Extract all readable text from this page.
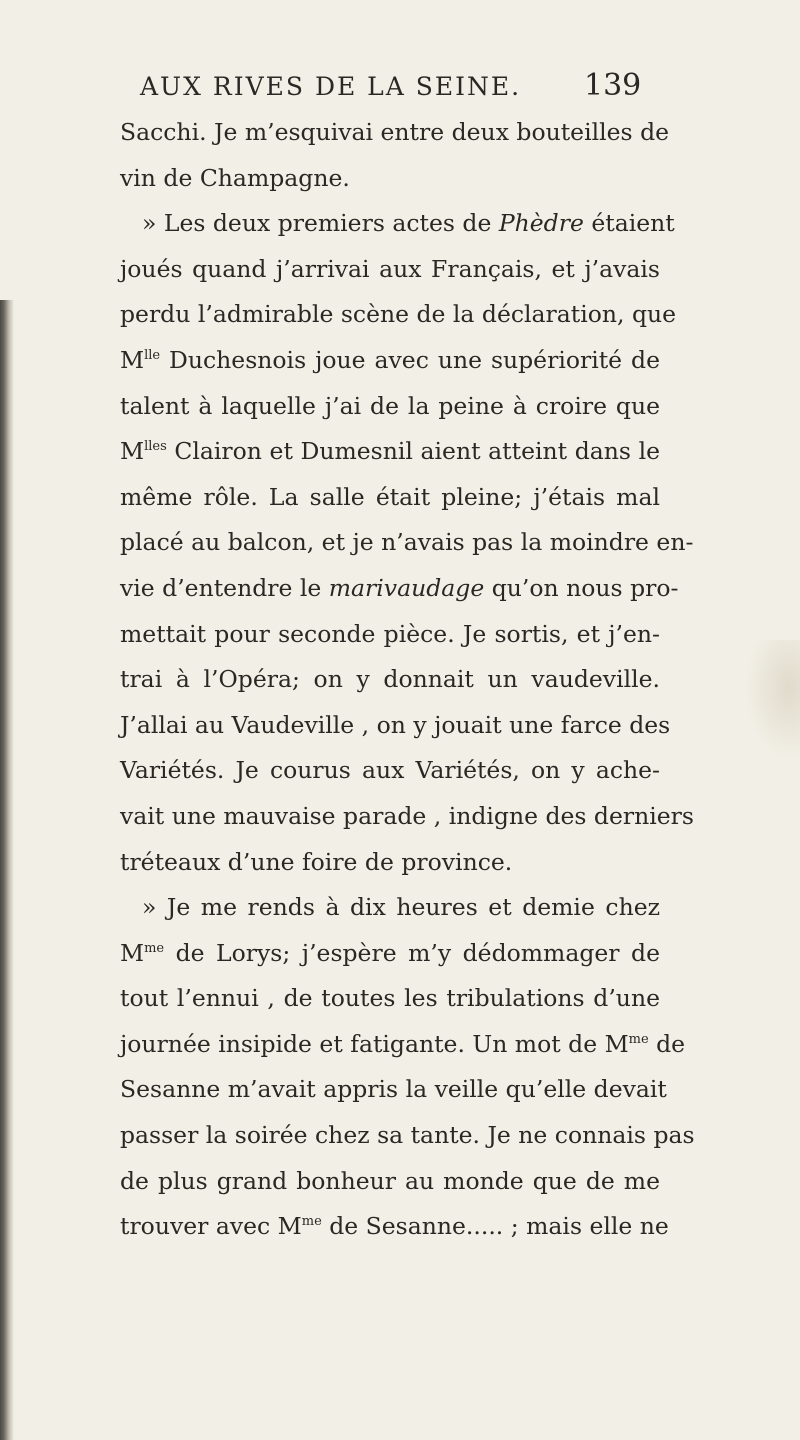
AUX RIVES DE LA SEINE. 139
Sacchi. Je m’esquivai entre deux bouteilles de
vin de Champagne.
» Les deux premiers actes de Phèdre étaient
joués quand j’arrivai aux Français, et j’avais
perdu l’admirable scène de la déclaration, que
$M^{lle}$ Duchesnois joue avec une supériorité de
talent à laquelle j’ai de la peine à croire que
$M^{lles}$ Clairon et Dumesnil aient atteint dans le
même rôle. La salle était pleine; j’étais mal
placé au balcon, et je n’avais pas la moindre en-
vie d’entendre le marivaudage qu’on nous pro-
mettait pour seconde pièce. Je sortis, et j’en-
trai à l’Opéra; on y donnait un vaudeville.
J’allai au Vaudeville , on y jouait une farce des
Variétés. Je courus aux Variétés, on y ache-
vait une mauvaise parade , indigne des derniers
tréteaux d’une foire de province.
» Je me rends à dix heures et demie chez
$M^{me}$ de Lorys; j’espère m’y dédommager de
tout l’ennui , de toutes les tribulations d’une
journée insipide et fatigante. Un mot de $M^{me}$ de
Sesanne m’avait appris la veille qu’elle devait
passer la soirée chez sa tante. Je ne connais pas
de plus grand bonheur au monde que de me
trouver avec $M^{me}$ de Sesanne..... ; mais elle ne
